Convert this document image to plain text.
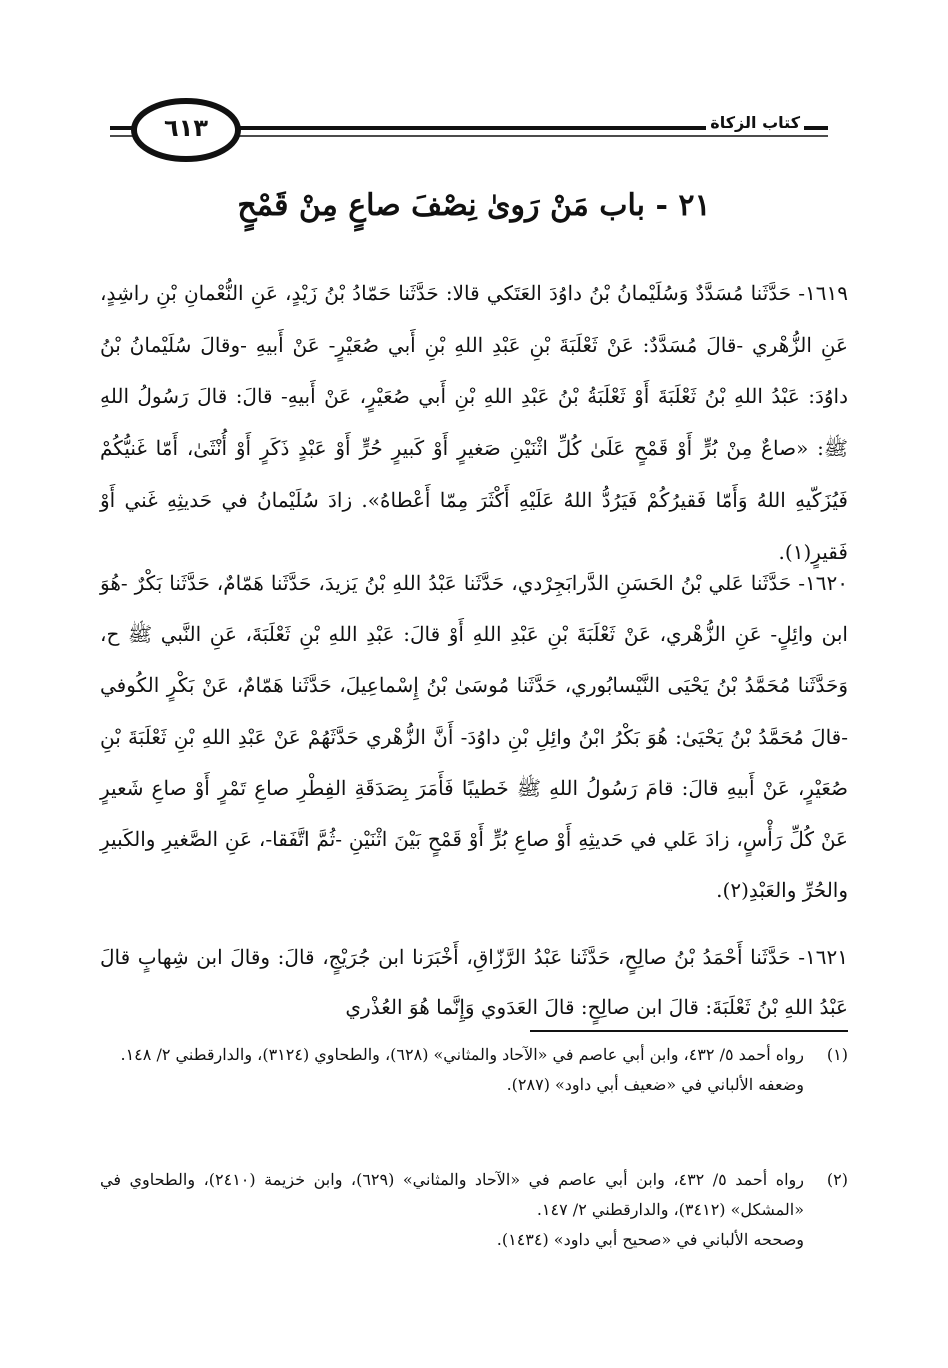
كتاب الزكاة
٦١٣
٢١ - باب مَنْ رَوىٰ نِصْفَ صاعٍ مِنْ قَمْحٍ

١٦١٩- حَدَّثَنا مُسَدَّدٌ وَسُلَيْمانُ بْنُ داوُدَ العَتَكي قالا: حَدَّثَنا حَمّادُ بْنُ زَيْدٍ، عَنِ النُّعْمانِ بْنِ راشِدٍ، عَنِ الزُّهْري -قالَ مُسَدَّدٌ: عَنْ ثَعْلَبَةَ بْنِ عَبْدِ اللهِ بْنِ أَبي صُعَيْرٍ- عَنْ أَبيهِ -وقالَ سُلَيْمانُ بْنُ داوُدَ: عَبْدُ اللهِ بْنُ ثَعْلَبَةَ أَوْ ثَعْلَبَةُ بْنُ عَبْدِ اللهِ بْنِ أَبي صُعَيْرٍ، عَنْ أَبيهِ- قالَ: قالَ رَسُولُ اللهِ ﷺ: «صاعٌ مِنْ بُرٍّ أَوْ قَمْحٍ عَلَىٰ كُلِّ اثْنَيْنِ صَغيرٍ أَوْ كَبيرٍ حُرٍّ أَوْ عَبْدٍ ذَكَرٍ أَوْ أُنْثَىٰ، أَمّا غَنيُّكُمْ فَيُزَكّيهِ اللهُ وَأَمّا فَقيرُكُمْ فَيَرُدُّ اللهُ عَلَيْهِ أَكْثَرَ مِمّا أَعْطاهُ». زادَ سُلَيْمانُ في حَديثِهِ غَني أَوْ فَقيرٍ(١).

١٦٢٠- حَدَّثَنا عَلي بْنُ الحَسَنِ الدَّرابَجِرْدي، حَدَّثَنا عَبْدُ اللهِ بْنُ يَزيدَ، حَدَّثَنا هَمّامٌ، حَدَّثَنا بَكْرٌ -هُوَ ابن وائِلٍ- عَنِ الزُّهْري، عَنْ ثَعْلَبَةَ بْنِ عَبْدِ اللهِ أَوْ قالَ: عَبْدِ اللهِ بْنِ ثَعْلَبَةَ، عَنِ النَّبي ﷺ ح، وَحَدَّثَنا مُحَمَّدُ بْنُ يَحْيَى النَّيْسابُوري، حَدَّثَنا مُوسَىٰ بْنُ إِسْماعِيلَ، حَدَّثَنا هَمّامٌ، عَنْ بَكْرٍ الكُوفي -قالَ مُحَمَّدُ بْنُ يَحْيَىٰ: هُوَ بَكْرُ ابْنُ وائِلِ بْنِ داوُدَ- أَنَّ الزُّهْري حَدَّثَهُمْ عَنْ عَبْدِ اللهِ بْنِ ثَعْلَبَةَ بْنِ صُعَيْرٍ، عَنْ أَبيهِ قالَ: قامَ رَسُولُ اللهِ ﷺ خَطيبًا فَأَمَرَ بِصَدَقَةِ الفِطْرِ صاعِ تَمْرٍ أَوْ صاعِ شَعيرٍ عَنْ كُلِّ رَأْسٍ، زادَ عَلي في حَديثِهِ أَوْ صاعِ بُرٍّ أَوْ قَمْحٍ بَيْنَ اثْنَيْنِ -ثُمَّ اتَّفَقا-، عَنِ الصَّغيرِ والكَبيرِ والحُرِّ والعَبْدِ(٢).

١٦٢١- حَدَّثَنا أَحْمَدُ بْنُ صالِحٍ، حَدَّثَنا عَبْدُ الرَّزّاقِ، أَخْبَرَنا ابن جُرَيْجٍ، قالَ: وقالَ ابن شِهابٍ قالَ عَبْدُ اللهِ بْنُ ثَعْلَبَةَ: قالَ ابن صالِحٍ: قالَ العَدَوي وَإِنَّما هُوَ العُذْري

(١)
رواه أحمد ٥/ ٤٣٢، وابن أبي عاصم في «الآحاد والمثاني» (٦٢٨)، والطحاوي (٣١٢٤)، والدارقطني ٢/ ١٤٨.
وضعفه الألباني في «ضعيف أبي داود» (٢٨٧).
(٢)
رواه أحمد ٥/ ٤٣٢، وابن أبي عاصم في «الآحاد والمثاني» (٦٢٩)، وابن خزيمة (٢٤١٠)، والطحاوي في «المشكل» (٣٤١٢)، والدارقطني ٢/ ١٤٧.
وصححه الألباني في «صحيح أبي داود» (١٤٣٤).
